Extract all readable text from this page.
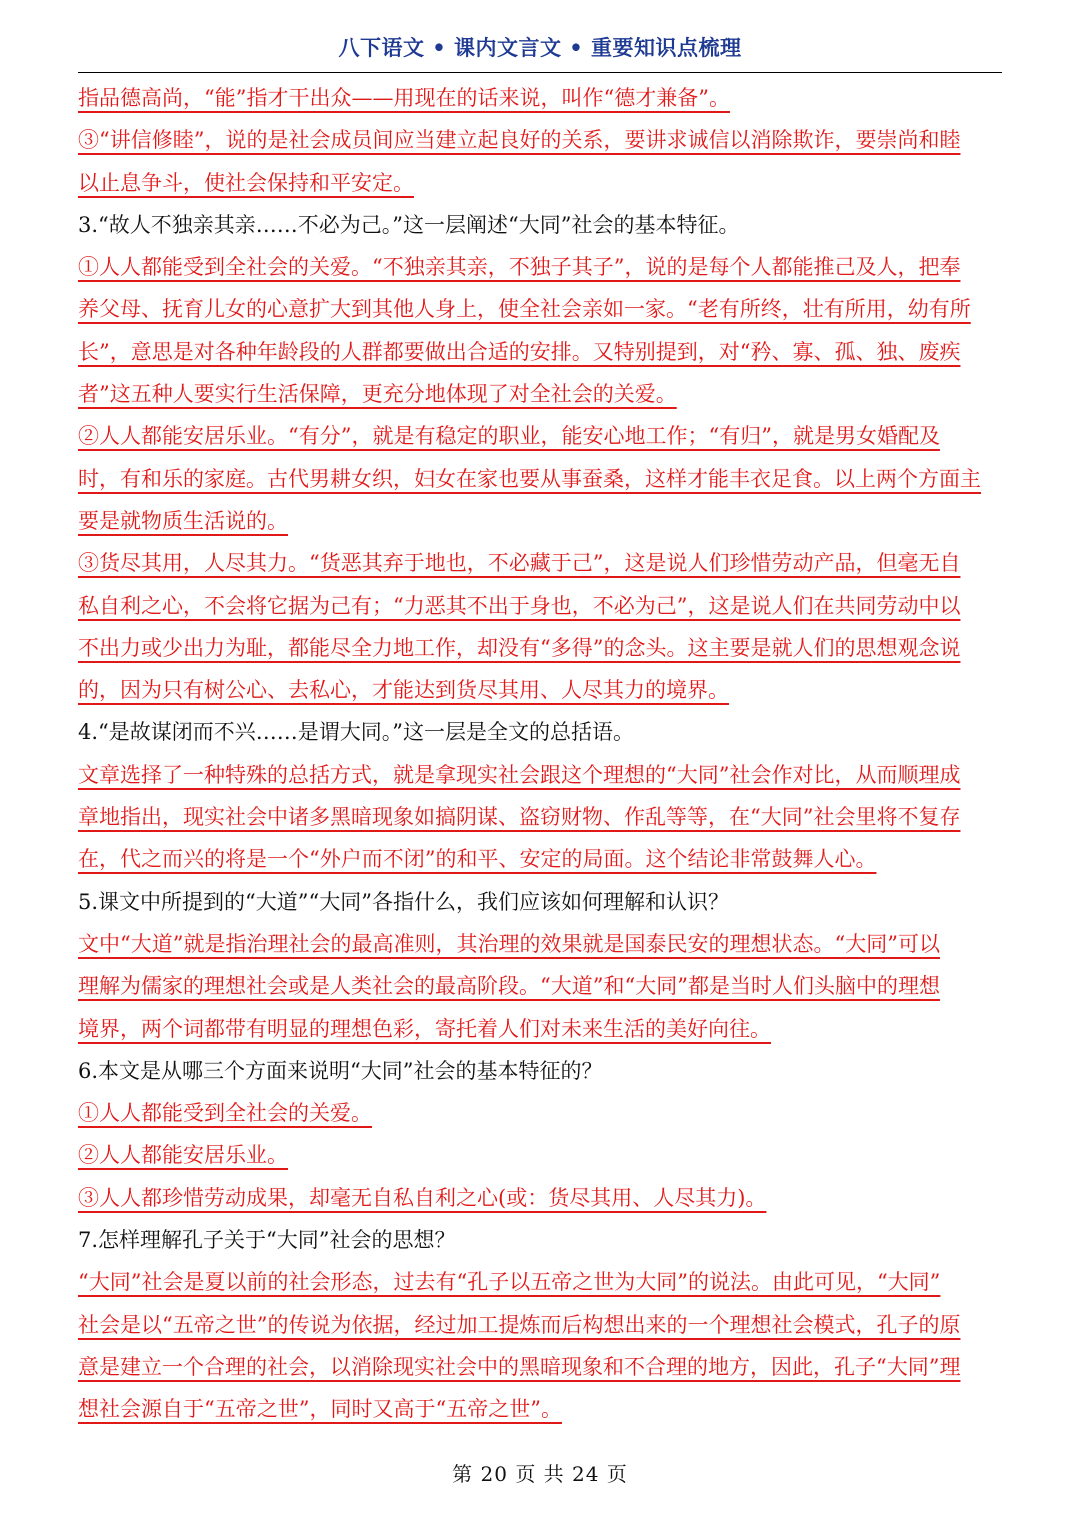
八下语文 • 课内文言文 • 重要知识点梳理
指品德高尚，“能”指才干出众——用现在的话来说，叫作“德才兼备”。
③“讲信修睦”，说的是社会成员间应当建立起良好的关系，要讲求诚信以消除欺诈，要崇尚和睦
以止息争斗，使社会保持和平安定。
3.“故人不独亲其亲……不必为己。”这一层阐述“大同”社会的基本特征。
①人人都能受到全社会的关爱。“不独亲其亲，不独子其子”，说的是每个人都能推己及人，把奉
养父母、抚育儿女的心意扩大到其他人身上，使全社会亲如一家。“老有所终，壮有所用，幼有所
长”，意思是对各种年龄段的人群都要做出合适的安排。又特别提到，对“矜、寡、孤、独、废疾
者”这五种人要实行生活保障，更充分地体现了对全社会的关爱。
②人人都能安居乐业。“有分”，就是有稳定的职业，能安心地工作；“有归”，就是男女婚配及
时，有和乐的家庭。古代男耕女织，妇女在家也要从事蚕桑，这样才能丰衣足食。以上两个方面主
要是就物质生活说的。
③货尽其用，人尽其力。“货恶其弃于地也，不必藏于己”，这是说人们珍惜劳动产品，但毫无自
私自利之心，不会将它据为己有；“力恶其不出于身也，不必为己”，这是说人们在共同劳动中以
不出力或少出力为耻，都能尽全力地工作，却没有“多得”的念头。这主要是就人们的思想观念说
的，因为只有树公心、去私心，才能达到货尽其用、人尽其力的境界。
4.“是故谋闭而不兴……是谓大同。”这一层是全文的总括语。
文章选择了一种特殊的总括方式，就是拿现实社会跟这个理想的“大同”社会作对比，从而顺理成
章地指出，现实社会中诸多黑暗现象如搞阴谋、盗窃财物、作乱等等，在“大同”社会里将不复存
在，代之而兴的将是一个“外户而不闭”的和平、安定的局面。这个结论非常鼓舞人心。
5.课文中所提到的“大道”“大同”各指什么，我们应该如何理解和认识？
文中“大道”就是指治理社会的最高准则，其治理的效果就是国泰民安的理想状态。“大同”可以
理解为儒家的理想社会或是人类社会的最高阶段。“大道”和“大同”都是当时人们头脑中的理想
境界，两个词都带有明显的理想色彩，寄托着人们对未来生活的美好向往。
6.本文是从哪三个方面来说明“大同”社会的基本特征的？
①人人都能受到全社会的关爱。
②人人都能安居乐业。
③人人都珍惜劳动成果，却毫无自私自利之心(或：货尽其用、人尽其力)。
7.怎样理解孔子关于“大同”社会的思想？
“大同”社会是夏以前的社会形态，过去有“孔子以五帝之世为大同”的说法。由此可见，“大同”
社会是以“五帝之世”的传说为依据，经过加工提炼而后构想出来的一个理想社会模式，孔子的原
意是建立一个合理的社会，以消除现实社会中的黑暗现象和不合理的地方，因此，孔子“大同”理
想社会源自于“五帝之世”，同时又高于“五帝之世”。
第 20 页 共 24 页
